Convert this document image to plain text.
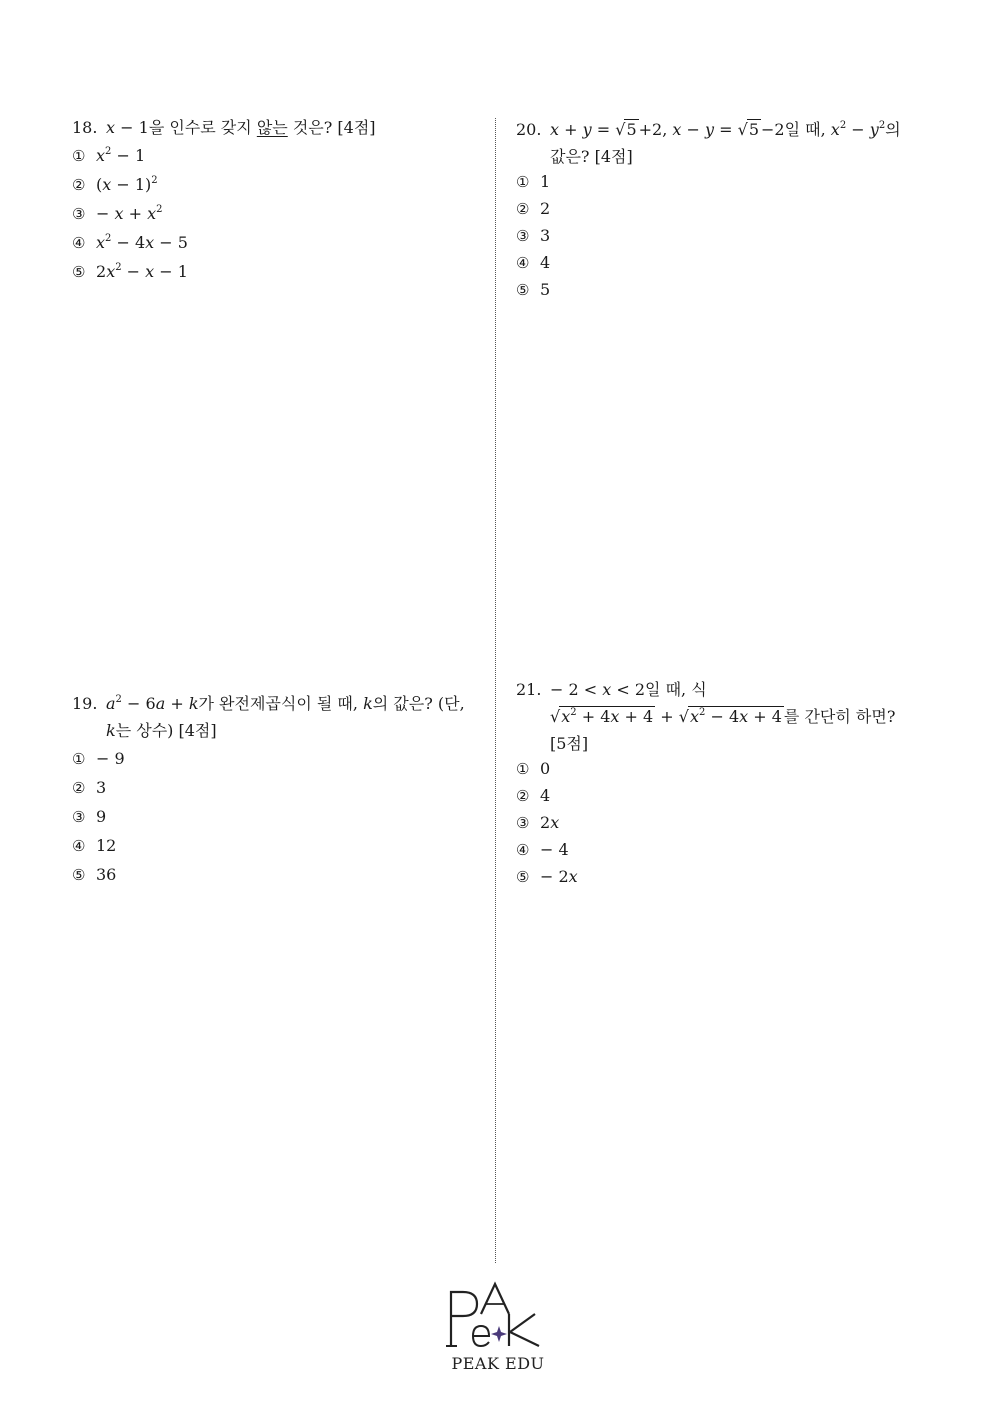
18. x − 1을 인수로 갖지 않는 것은? [4점]
① $x^2 - 1$
② $(x - 1)^2$
③ − $x + x^2$
④ $x^2 - 4x - 5$
⑤ $2x^2 - x - 1$
19. $a^2 - 6a + k$가 완전제곱식이 될 때, k의 값은? (단,
k는 상수) [4점]
① − 9
② 3
③ 9
④ 12
⑤ 36
20. x + y = √5 +2, x − y = √5 −2일 때, $x^2 - y^2$의
값은? [4점]
① 1
② 2
③ 3
④ 4
⑤ 5
21. − 2 < x < 2일 때, 식
$√x^2 + 4x + 4 + √x^2 - 4x + 4$ 를 간단히 하면?
[5점]
① 0
② 4
③ 2x
④ − 4
⑤ − 2x
PEAK EDU
